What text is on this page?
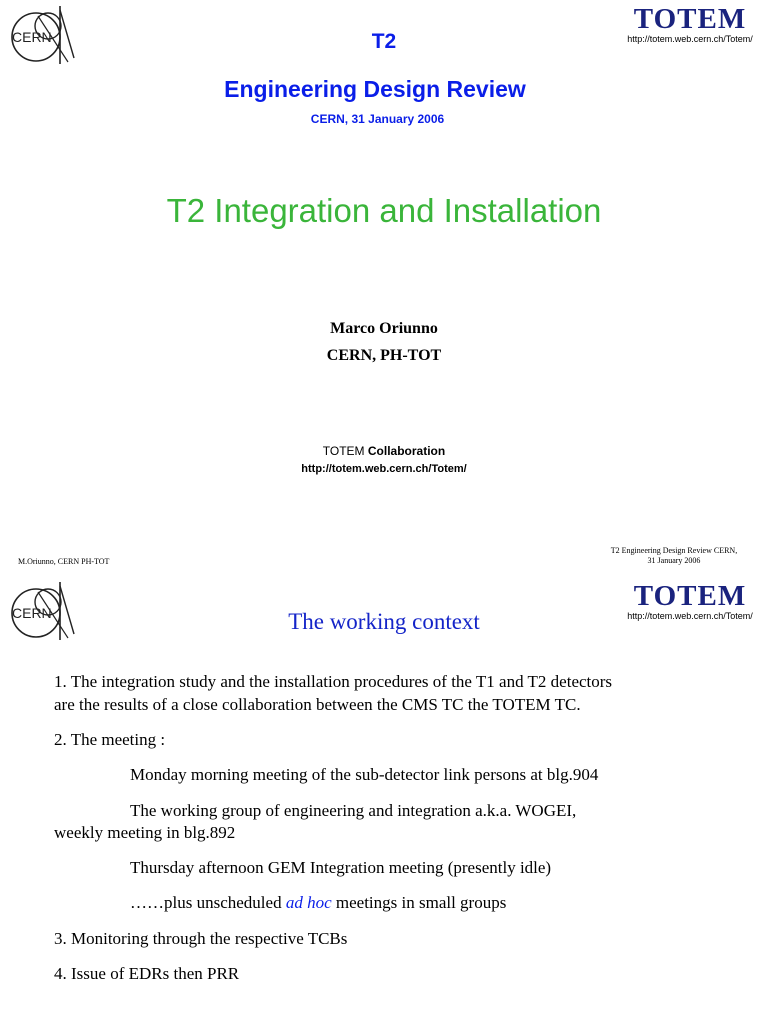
CERN
TOTEM
http://totem.web.cern.ch/Totem/
T2
Engineering Design Review
CERN, 31 January 2006
T2 Integration and Installation
Marco Oriunno
CERN, PH-TOT
TOTEM Collaboration
http://totem.web.cern.ch/Totem/
M.Oriunno, CERN PH-TOT
T2 Engineering Design Review CERN,
31 January 2006
CERN
TOTEM
http://totem.web.cern.ch/Totem/
The working context
1. The integration study and the installation procedures of the T1 and T2 detectors
are the results of a close collaboration between the CMS TC the TOTEM TC.
2. The meeting :
Monday morning meeting of the sub-detector link persons at blg.904
The working group of engineering and integration a.k.a. WOGEI,
weekly meeting in blg.892
Thursday afternoon GEM Integration meeting (presently idle)
……plus unscheduled ad hoc meetings in small groups
3. Monitoring through the respective TCBs
4. Issue of EDRs then PRR
